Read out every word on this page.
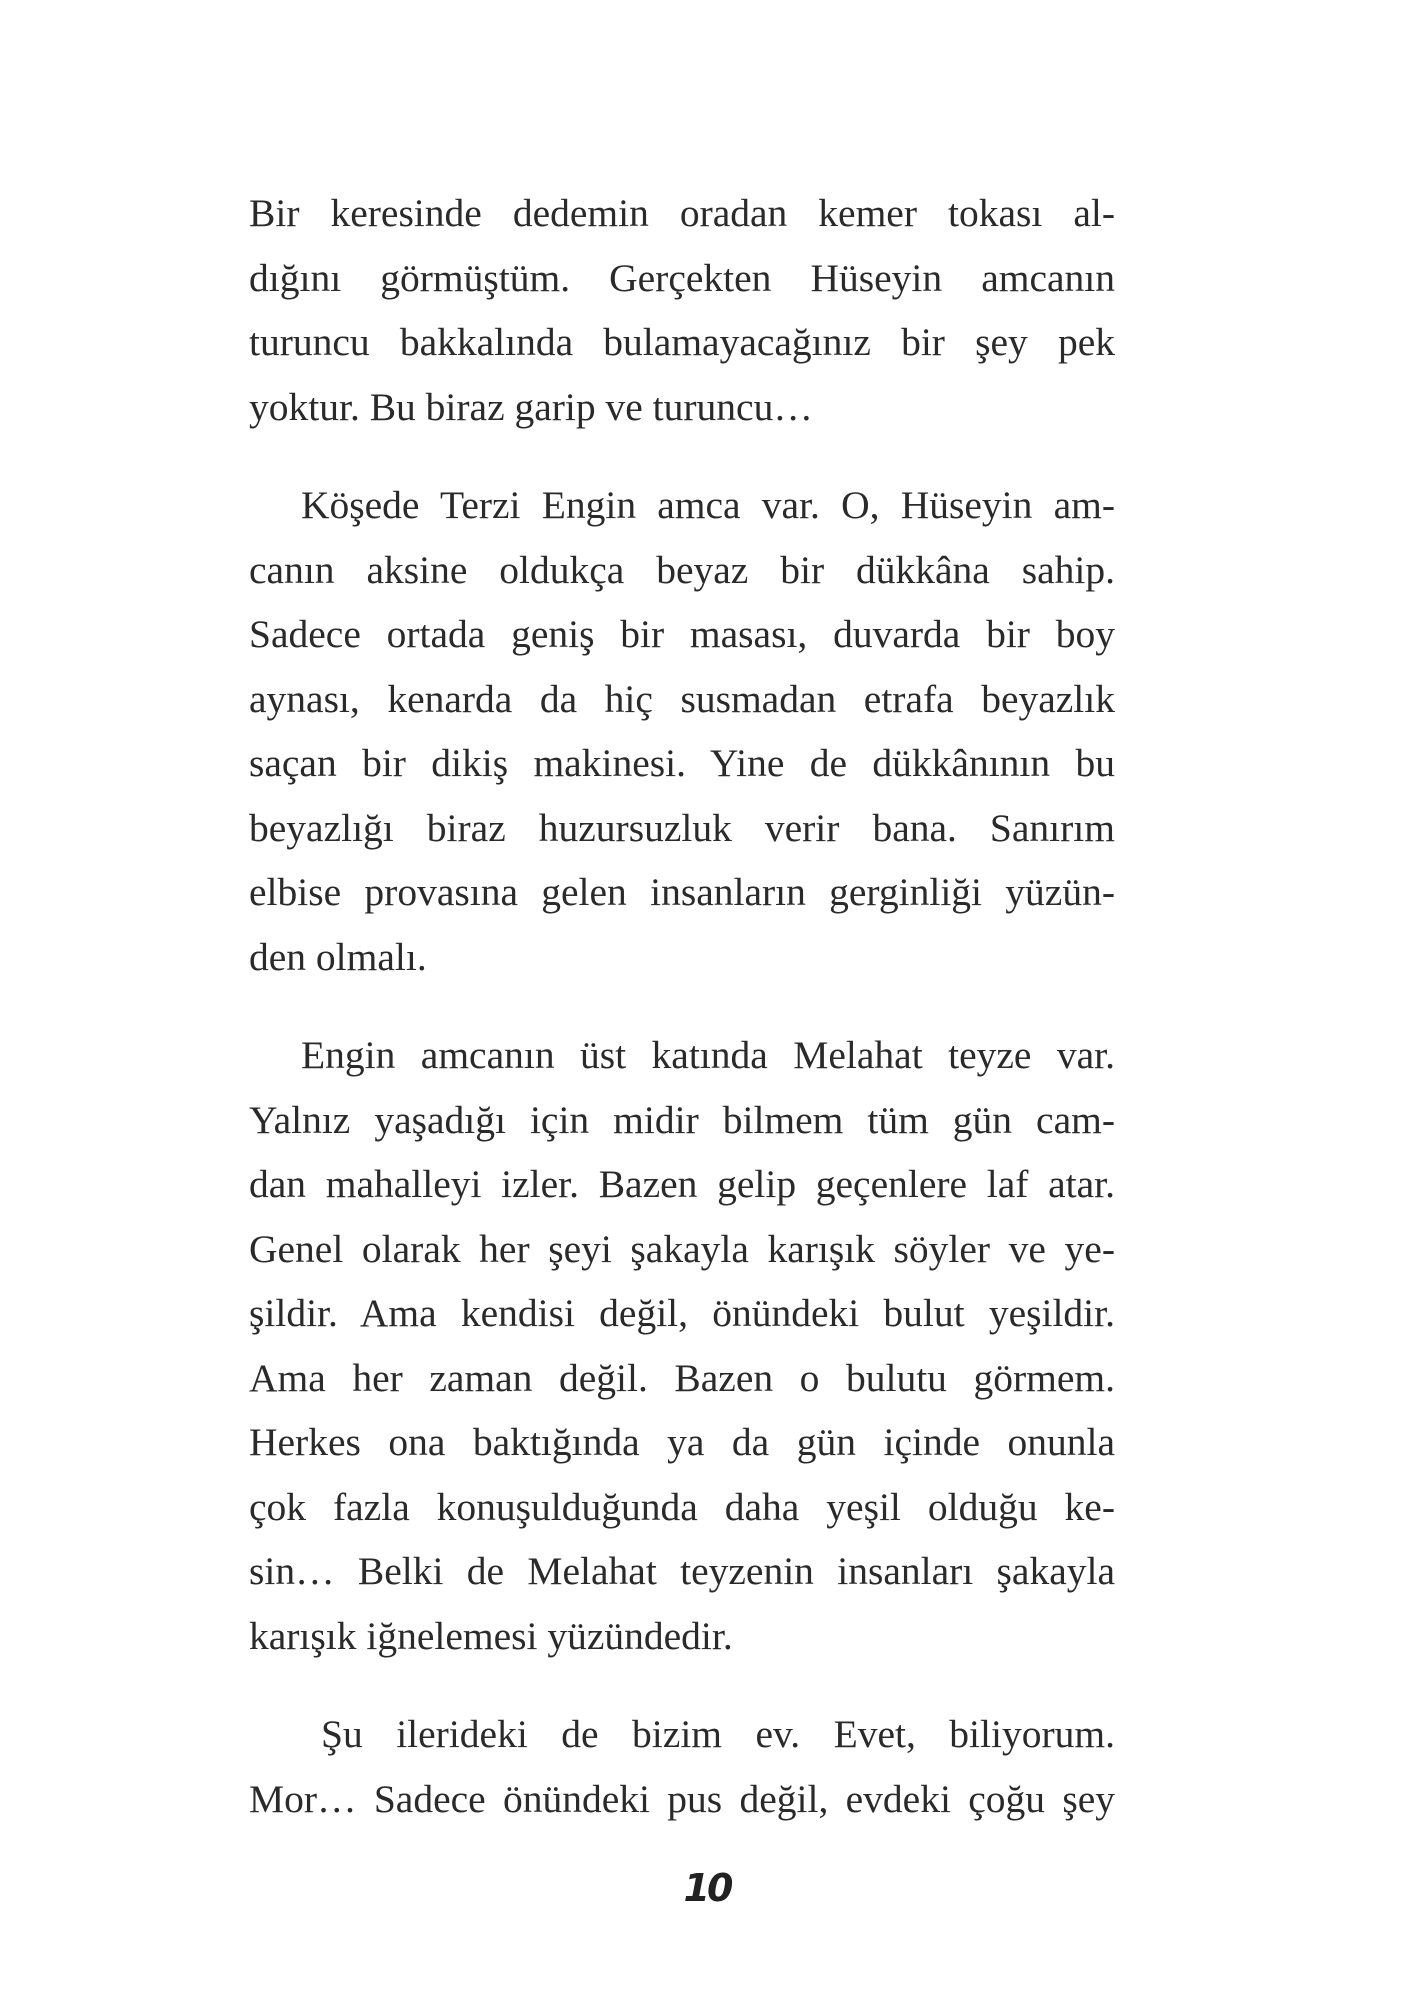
Bir keresinde dedemin oradan kemer tokası al-
dığını görmüştüm. Gerçekten Hüseyin amcanın
turuncu bakkalında bulamayacağınız bir şey pek
yoktur. Bu biraz garip ve turuncu…
Köşede Terzi Engin amca var. O, Hüseyin am-
canın aksine oldukça beyaz bir dükkâna sahip.
Sadece ortada geniş bir masası, duvarda bir boy
aynası, kenarda da hiç susmadan etrafa beyazlık
saçan bir dikiş makinesi. Yine de dükkânının bu
beyazlığı biraz huzursuzluk verir bana. Sanırım
elbise provasına gelen insanların gerginliği yüzün-
den olmalı.
Engin amcanın üst katında Melahat teyze var.
Yalnız yaşadığı için midir bilmem tüm gün cam-
dan mahalleyi izler. Bazen gelip geçenlere laf atar.
Genel olarak her şeyi şakayla karışık söyler ve ye-
şildir. Ama kendisi değil, önündeki bulut yeşildir.
Ama her zaman değil. Bazen o bulutu görmem.
Herkes ona baktığında ya da gün içinde onunla
çok fazla konuşulduğunda daha yeşil olduğu ke-
sin… Belki de Melahat teyzenin insanları şakayla
karışık iğnelemesi yüzündedir.
Şu ilerideki de bizim ev. Evet, biliyorum.
Mor… Sadece önündeki pus değil, evdeki çoğu şey
10
